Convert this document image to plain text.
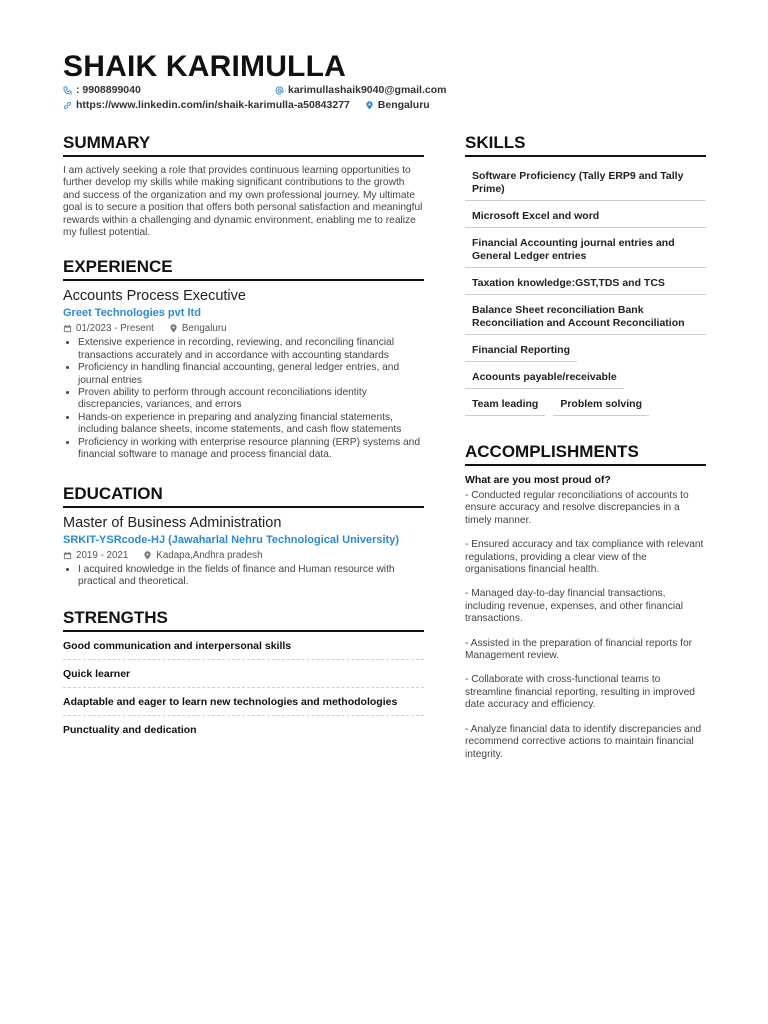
SHAIK KARIMULLA
: 9908899040	karimullashaik9040@gmail.com
https://www.linkedin.com/in/shaik-karimulla-a50843277
	Bengaluru
SUMMARY
I am actively seeking a role that provides continuous learning opportunities to further develop my skills while making significant contributions to the growth and success of the organization and my own professional journey. My ultimate goal is to secure a position that offers both personal satisfaction and meaningful rewards within a challenging and dynamic environment, enabling me to realize my fullest potential.
EXPERIENCE
Accounts Process Executive
Greet Technologies pvt ltd
01/2023 - Present	Bengaluru
• Extensive experience in recording, reviewing, and reconciling financial transactions accurately and in accordance with accounting standards
• Proficiency in handling financial accounting, general ledger entries, and journal entries
• Proven ability to perform through account reconciliations identity discrepancies, variances, and errors
• Hands-on experience in preparing and analyzing financial statements, including balance sheets, income statements, and cash flow statements
• Proficiency in working with enterprise resource planning (ERP) systems and financial software to manage and process financial data.
EDUCATION
Master of Business Administration
SRKIT-YSRcode-HJ (Jawaharlal Nehru Technological University)
2019 - 2021	Kadapa,Andhra pradesh
• I acquired knowledge in the fields of finance and Human resource with practical and theoretical.
STRENGTHS
Good communication and interpersonal skills
Quick learner
Adaptable and eager to learn new technologies and methodologies
Punctuality and dedication
SKILLS
Software Proficiency (Tally ERP9 and Tally Prime)
Microsoft Excel and word
Financial Accounting journal entries and General Ledger entries
Taxation knowledge:GST,TDS and TCS
Balance Sheet reconciliation Bank Reconciliation and Account Reconciliation
Financial Reporting
Acoounts payable/receivable
Team leading	Problem solving
ACCOMPLISHMENTS
What are you most proud of?
- Conducted regular reconciliations of accounts to ensure accuracy and resolve discrepancies in a timely manner.
- Ensured accuracy and tax compliance with relevant regulations, providing a clear view of the organisations financial health.
- Managed day-to-day financial transactions, including revenue, expenses, and other financial transactions.
- Assisted in the preparation of financial reports for Management review.
- Collaborate with cross-functional teams to streamline financial reporting, resulting in improved date accuracy and efficiency.
- Analyze financial data to identify discrepancies and recommend corrective actions to maintain financial integrity.
